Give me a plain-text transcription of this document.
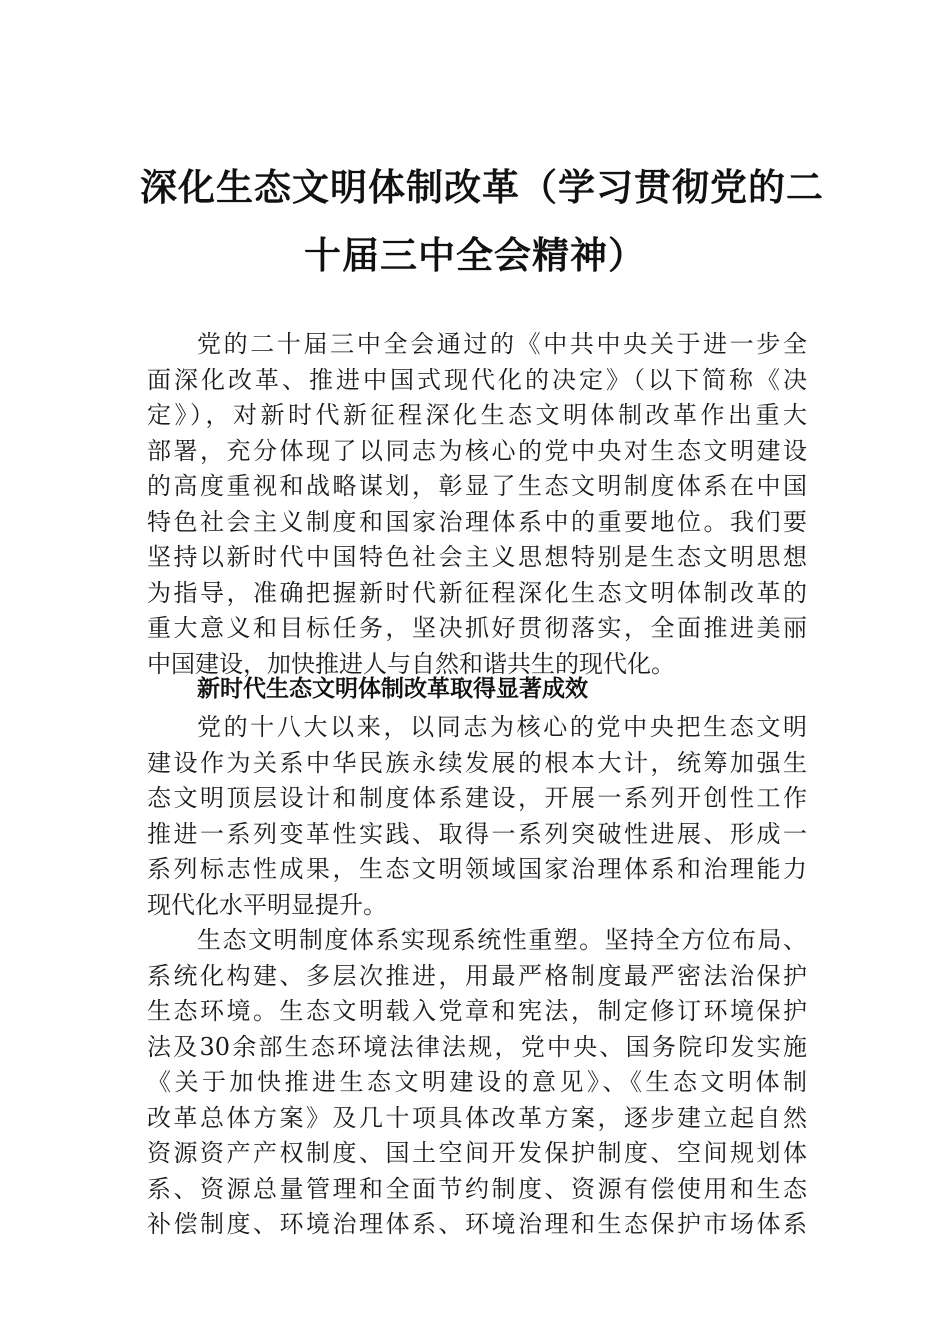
深化生态文明体制改革（学习贯彻党的二
十届三中全会精神）
党的二十届三中全会通过的《中共中央关于进一步全
面深化改革、推进中国式现代化的决定》（以下简称《决
定》），对新时代新征程深化生态文明体制改革作出重大
部署，充分体现了以同志为核心的党中央对生态文明建设
的高度重视和战略谋划，彰显了生态文明制度体系在中国
特色社会主义制度和国家治理体系中的重要地位。我们要
坚持以新时代中国特色社会主义思想特别是生态文明思想
为指导，准确把握新时代新征程深化生态文明体制改革的
重大意义和目标任务，坚决抓好贯彻落实，全面推进美丽
中国建设，加快推进人与自然和谐共生的现代化。
新时代生态文明体制改革取得显著成效
党的十八大以来，以同志为核心的党中央把生态文明
建设作为关系中华民族永续发展的根本大计，统筹加强生
态文明顶层设计和制度体系建设，开展一系列开创性工作
推进一系列变革性实践、取得一系列突破性进展、形成一
系列标志性成果，生态文明领域国家治理体系和治理能力
现代化水平明显提升。
生态文明制度体系实现系统性重塑。坚持全方位布局、
系统化构建、多层次推进，用最严格制度最严密法治保护
生态环境。生态文明载入党章和宪法，制定修订环境保护
法及30余部生态环境法律法规，党中央、国务院印发实施
《关于加快推进生态文明建设的意见》、《生态文明体制
改革总体方案》及几十项具体改革方案，逐步建立起自然
资源资产产权制度、国土空间开发保护制度、空间规划体
系、资源总量管理和全面节约制度、资源有偿使用和生态
补偿制度、环境治理体系、环境治理和生态保护市场体系
